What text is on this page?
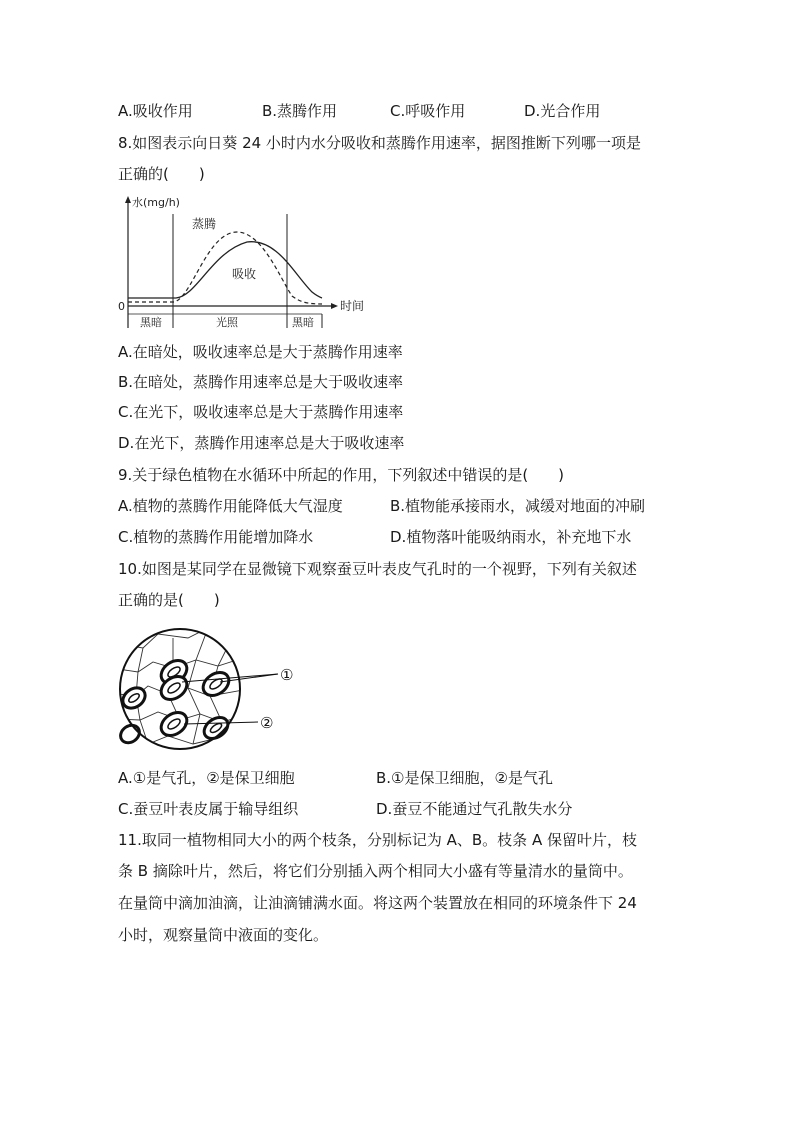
A.吸收作用	B.蒸腾作用	C.呼吸作用	D.光合作用
8.如图表示向日葵 24 小时内水分吸收和蒸腾作用速率，据图推断下列哪一项是
正确的(　　)
水(mg/h)
0	时间
蒸腾
吸收
黑暗	光照	黑暗
A.在暗处，吸收速率总是大于蒸腾作用速率
B.在暗处，蒸腾作用速率总是大于吸收速率
C.在光下，吸收速率总是大于蒸腾作用速率
D.在光下，蒸腾作用速率总是大于吸收速率
9.关于绿色植物在水循环中所起的作用，下列叙述中错误的是(　　)
A.植物的蒸腾作用能降低大气湿度	B.植物能承接雨水，减缓对地面的冲刷
C.植物的蒸腾作用能增加降水	D.植物落叶能吸纳雨水，补充地下水
10.如图是某同学在显微镜下观察蚕豆叶表皮气孔时的一个视野，下列有关叙述
正确的是(　　)
①
②
A.①是气孔，②是保卫细胞	B.①是保卫细胞，②是气孔
C.蚕豆叶表皮属于输导组织	D.蚕豆不能通过气孔散失水分
11.取同一植物相同大小的两个枝条，分别标记为 A、B。枝条 A 保留叶片，枝
条 B 摘除叶片，然后，将它们分别插入两个相同大小盛有等量清水的量筒中。
在量筒中滴加油滴，让油滴铺满水面。将这两个装置放在相同的环境条件下 24
小时，观察量筒中液面的变化。
